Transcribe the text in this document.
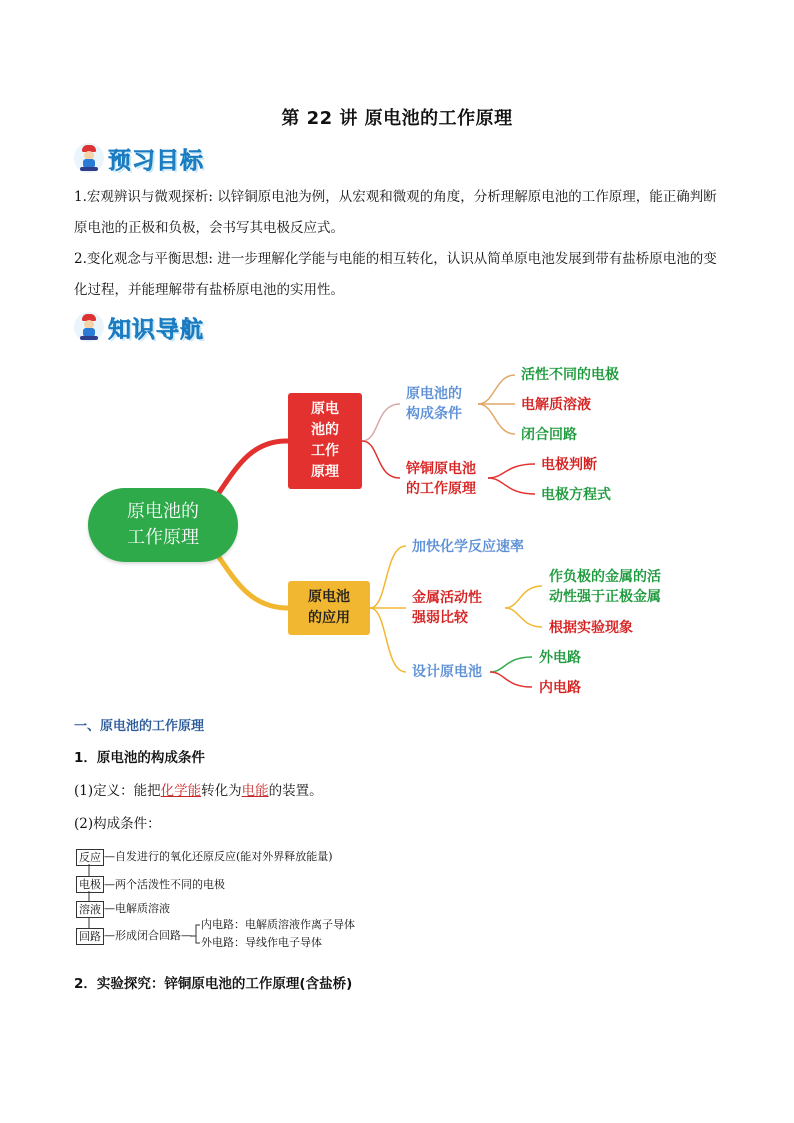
第 22 讲 原电池的工作原理
预习目标
1.宏观辨识与微观探析: 以锌铜原电池为例，从宏观和微观的角度，分析理解原电池的工作原理，能正确判断原电池的正极和负极，会书写其电极反应式。
2.变化观念与平衡思想: 进一步理解化学能与电能的相互转化，认识从简单原电池发展到带有盐桥原电池的变化过程，并能理解带有盐桥原电池的实用性。
知识导航
原电池的
工作原理
原电
池的
工作
原理
原电池
的应用
原电池的
构成条件
活性不同的电极
电解质溶液
闭合回路
锌铜原电池
的工作原理
电极判断
电极方程式
加快化学反应速率
金属活动性
强弱比较
作负极的金属的活
动性强于正极金属
根据实验现象
设计原电池
外电路
内电路
一、原电池的工作原理
1．原电池的构成条件
(1)定义：能把化学能转化为电能的装置。
(2)构成条件：
反应 —自发进行的氧化还原反应(能对外界释放能量)
电极 —两个活泼性不同的电极
溶液 —电解质溶液
回路 —形成闭合回路—
内电路：电解质溶液作离子导体
外电路：导线作电子导体
2．实验探究：锌铜原电池的工作原理(含盐桥)
